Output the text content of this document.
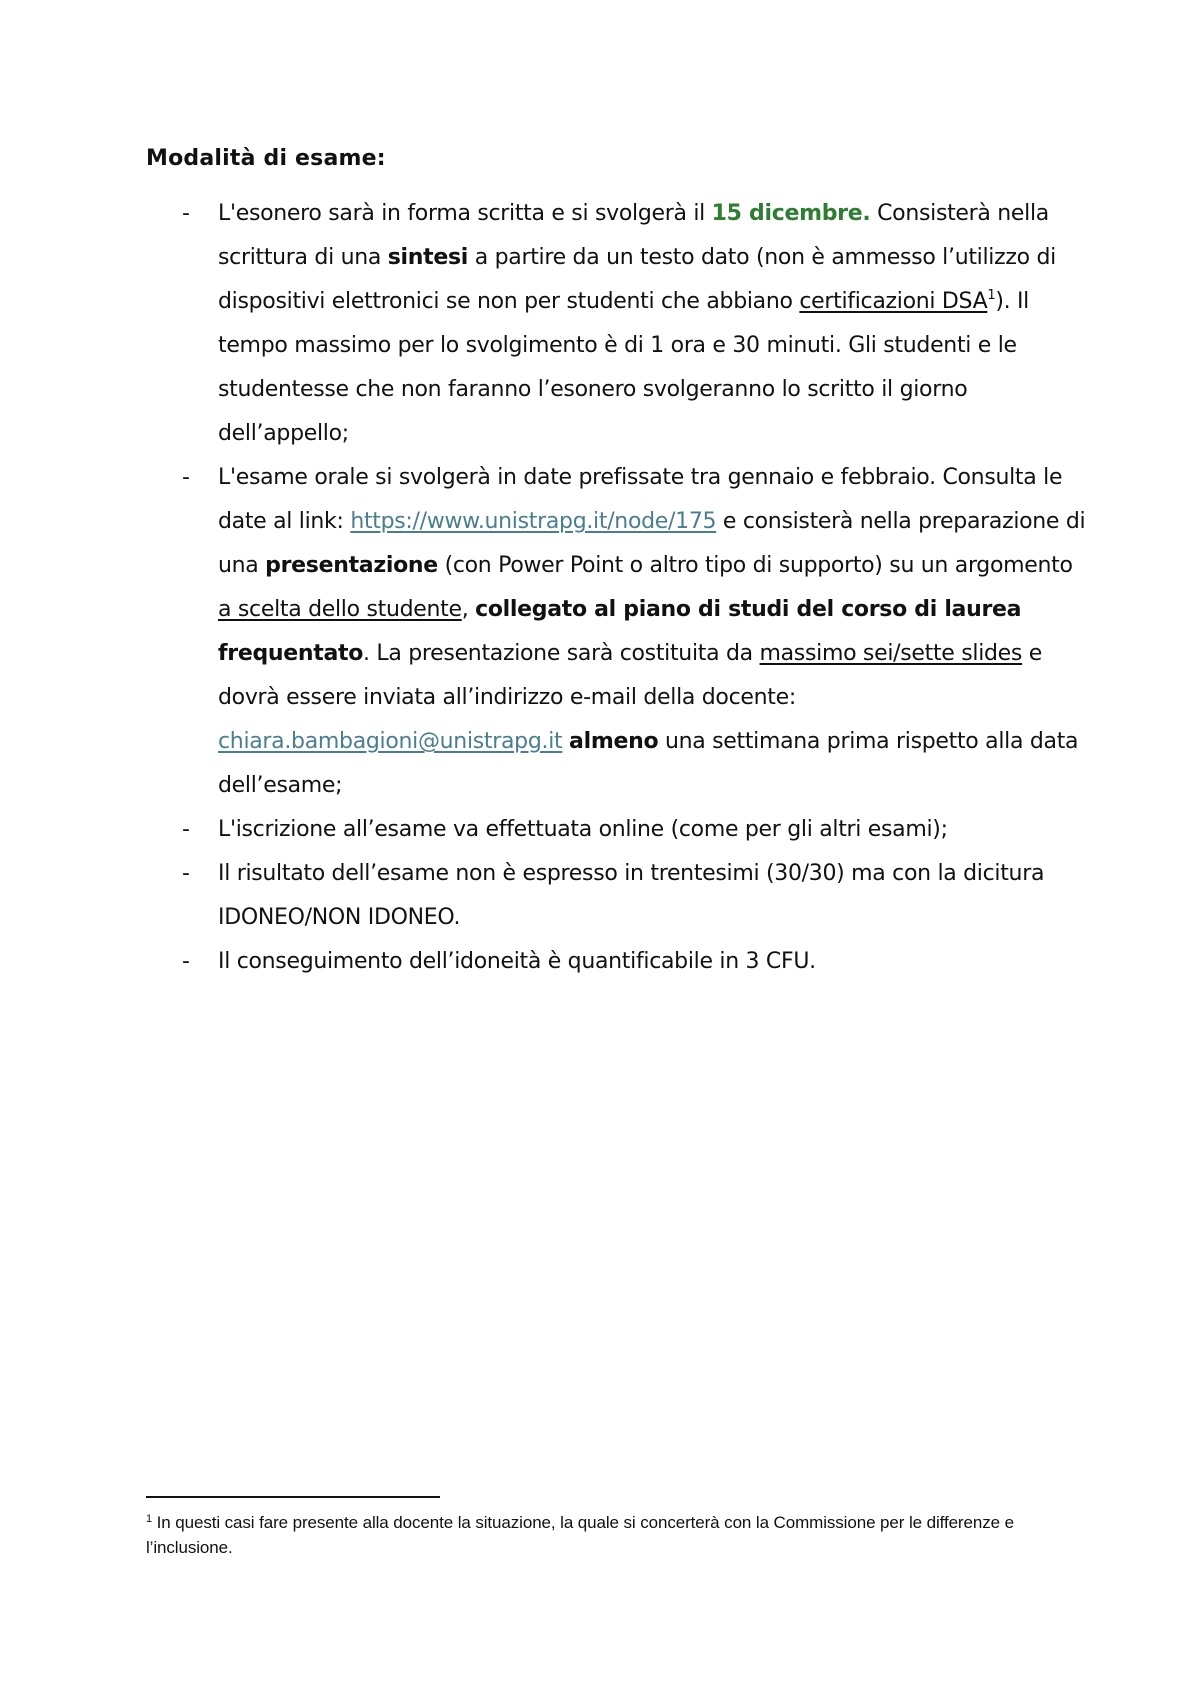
Modalità di esame:
- L'esonero sarà in forma scritta e si svolgerà il 15 dicembre. Consisterà nella scrittura di una sintesi a partire da un testo dato (non è ammesso l’utilizzo di dispositivi elettronici se non per studenti che abbiano certificazioni DSA$^1$). Il tempo massimo per lo svolgimento è di 1 ora e 30 minuti. Gli studenti e le studentesse che non faranno l’esonero svolgeranno lo scritto il giorno dell’appello;
- L'esame orale si svolgerà in date prefissate tra gennaio e febbraio. Consulta le date al link: https://www.unistrapg.it/node/175 e consisterà nella preparazione di una presentazione (con Power Point o altro tipo di supporto) su un argomento a scelta dello studente, collegato al piano di studi del corso di laurea frequentato. La presentazione sarà costituita da massimo sei/sette slides e dovrà essere inviata all’indirizzo e-mail della docente: chiara.bambagioni@unistrapg.it almeno una settimana prima rispetto alla data dell’esame;
- L'iscrizione all’esame va effettuata online (come per gli altri esami);
- Il risultato dell’esame non è espresso in trentesimi (30/30) ma con la dicitura IDONEO/NON IDONEO.
- Il conseguimento dell’idoneità è quantificabile in 3 CFU.
$^1$ In questi casi fare presente alla docente la situazione, la quale si concerterà con la Commissione per le differenze e l’inclusione.
